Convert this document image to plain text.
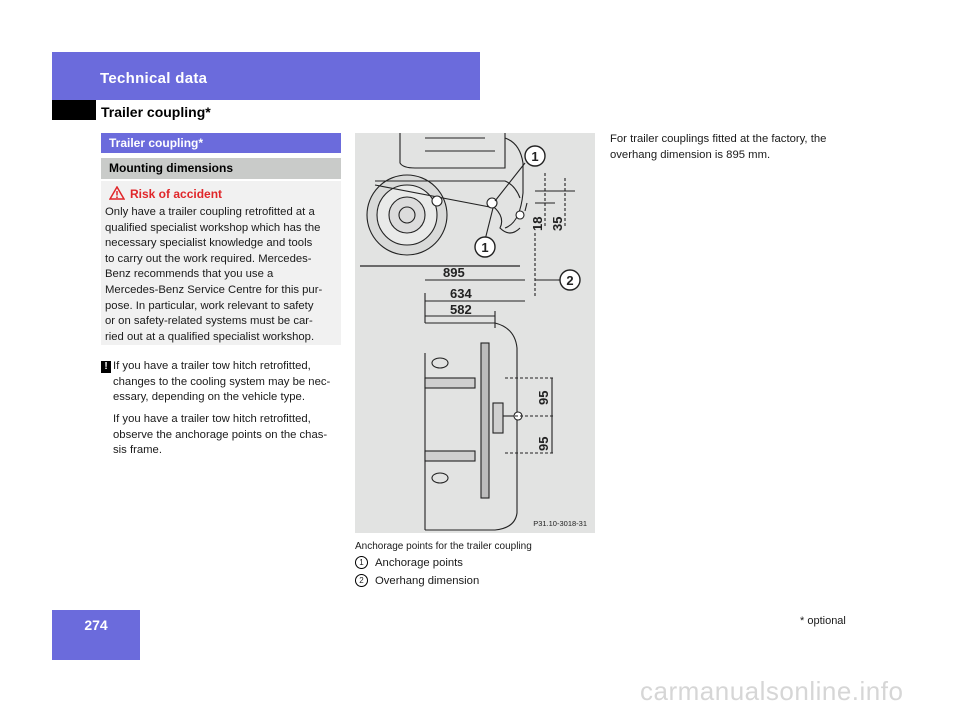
Technical data
Trailer coupling*
Trailer coupling*
Mounting dimensions
Risk of accident
Only have a trailer coupling retrofitted at a
qualified specialist workshop which has the
necessary specialist knowledge and tools
to carry out the work required. Mercedes-
Benz recommends that you use a
Mercedes-Benz Service Centre for this pur-
pose. In particular, work relevant to safety
or on safety-related systems must be car-
ried out at a qualified specialist workshop.
! If you have a trailer tow hitch retrofitted,
changes to the cooling system may be nec-
essary, depending on the vehicle type.
If you have a trailer tow hitch retrofitted,
observe the anchorage points on the chas-
sis frame.
895
634
582
18 35
95
95
1
1
2
P31.10-3018-31
Anchorage points for the trailer coupling
1 Anchorage points
2 Overhang dimension
For trailer couplings fitted at the factory, the
overhang dimension is 895 mm.
274	* optional
carmanualsonline.info
